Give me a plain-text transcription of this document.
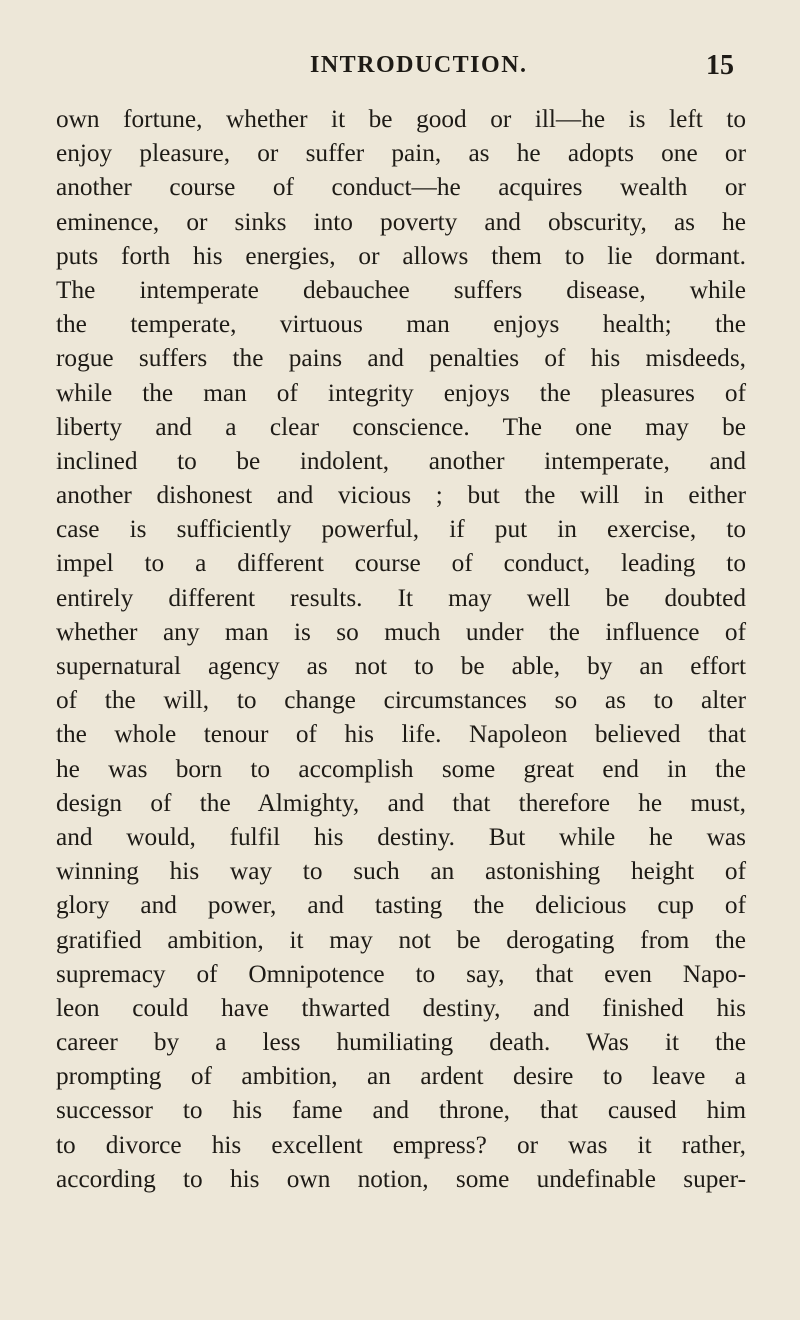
INTRODUCTION.	15
own fortune, whether it be good or ill—he is left to
enjoy pleasure, or suffer pain, as he adopts one or
another course of conduct—he acquires wealth or
eminence, or sinks into poverty and obscurity, as he
puts forth his energies, or allows them to lie dormant.
The intemperate debauchee suffers disease, while
the temperate, virtuous man enjoys health; the
rogue suffers the pains and penalties of his misdeeds,
while the man of integrity enjoys the pleasures of
liberty and a clear conscience. The one may be
inclined to be indolent, another intemperate, and
another dishonest and vicious ; but the will in either
case is sufficiently powerful, if put in exercise, to
impel to a different course of conduct, leading to
entirely different results. It may well be doubted
whether any man is so much under the influence of
supernatural agency as not to be able, by an effort
of the will, to change circumstances so as to alter
the whole tenour of his life. Napoleon believed that
he was born to accomplish some great end in the
design of the Almighty, and that therefore he must,
and would, fulfil his destiny. But while he was
winning his way to such an astonishing height of
glory and power, and tasting the delicious cup of
gratified ambition, it may not be derogating from the
supremacy of Omnipotence to say, that even Napo-
leon could have thwarted destiny, and finished his
career by a less humiliating death. Was it the
prompting of ambition, an ardent desire to leave a
successor to his fame and throne, that caused him
to divorce his excellent empress? or was it rather,
according to his own notion, some undefinable super-
